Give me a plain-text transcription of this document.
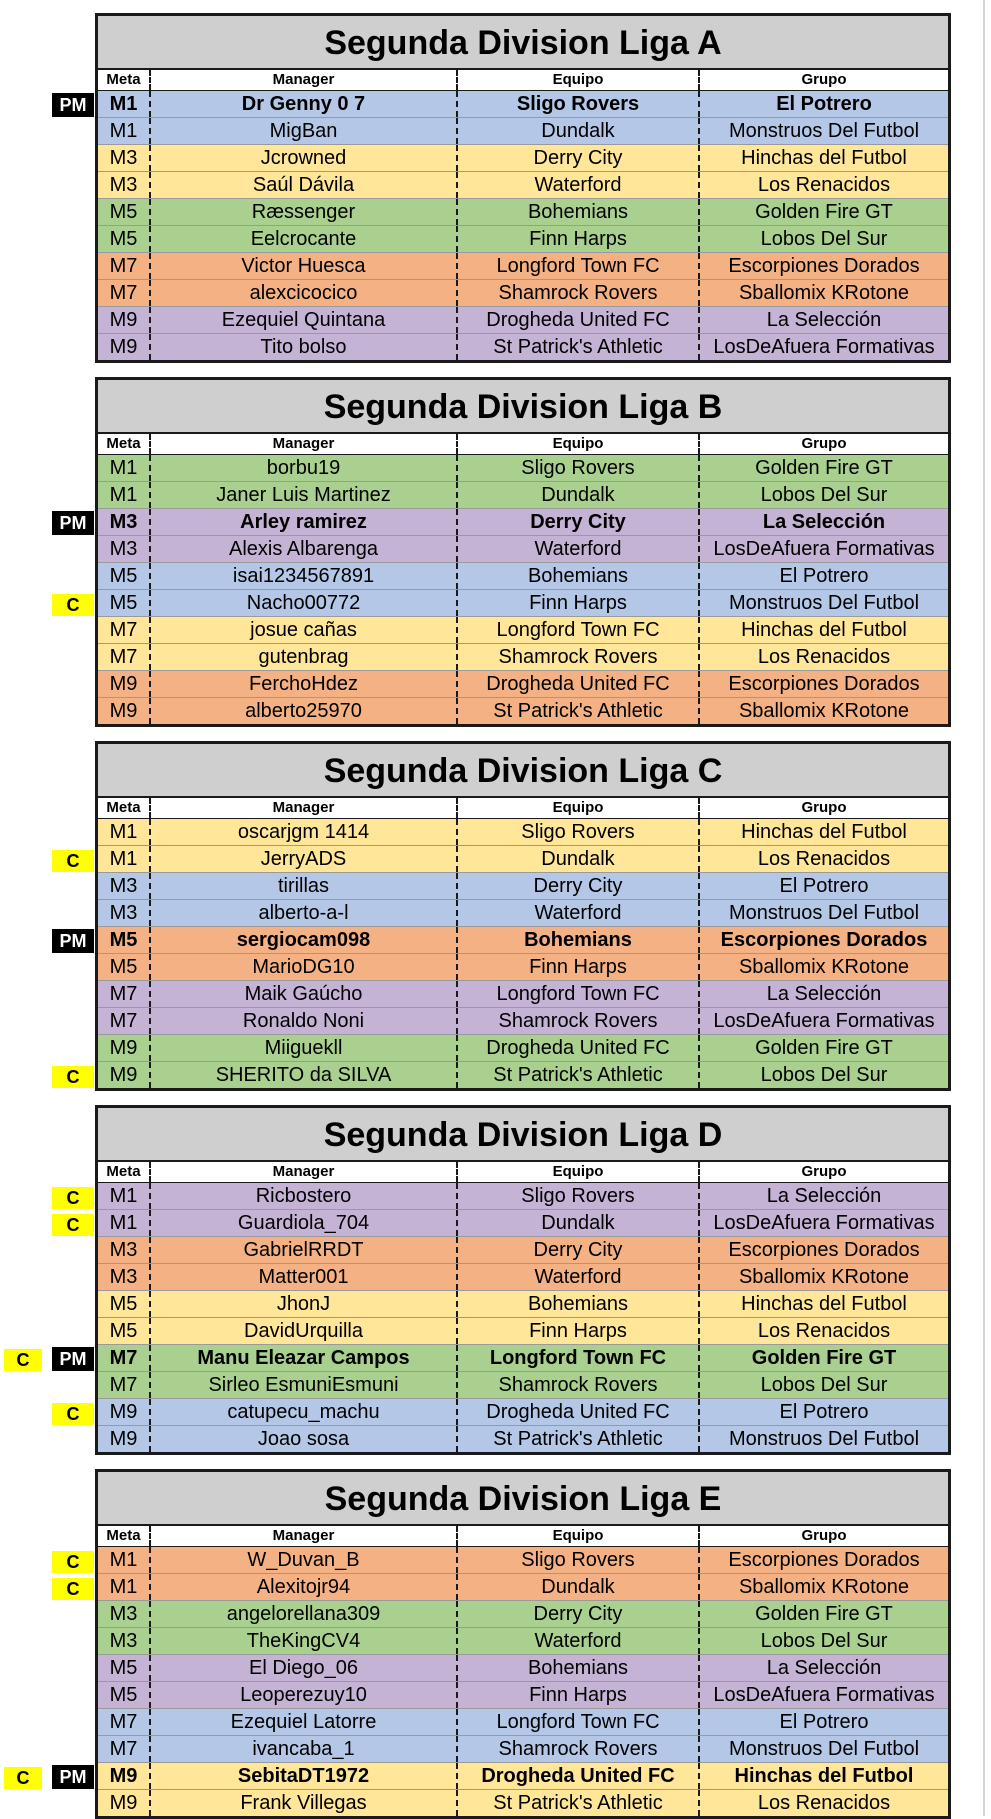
PM
Segunda Division Liga A
Meta	Manager	Equipo	Grupo
M1	Dr Genny 0 7	Sligo Rovers	El Potrero
M1	MigBan	Dundalk	Monstruos Del Futbol
M3	Jcrowned	Derry City	Hinchas del Futbol
M3	Saúl Dávila	Waterford	Los Renacidos
M5	Ræssenger	Bohemians	Golden Fire GT
M5	Eelcrocante	Finn Harps	Lobos Del Sur
M7	Victor Huesca	Longford Town FC	Escorpiones Dorados
M7	alexcicocico	Shamrock Rovers	Sballomix KRotone
M9	Ezequiel Quintana	Drogheda United FC	La Selección
M9	Tito bolso	St Patrick's Athletic	LosDeAfuera Formativas
PM
C
Segunda Division Liga B
Meta	Manager	Equipo	Grupo
M1	borbu19	Sligo Rovers	Golden Fire GT
M1	Janer Luis Martinez	Dundalk	Lobos Del Sur
M3	Arley ramirez	Derry City	La Selección
M3	Alexis Albarenga	Waterford	LosDeAfuera Formativas
M5	isai1234567891	Bohemians	El Potrero
M5	Nacho00772	Finn Harps	Monstruos Del Futbol
M7	josue cañas	Longford Town FC	Hinchas del Futbol
M7	gutenbrag	Shamrock Rovers	Los Renacidos
M9	FerchoHdez	Drogheda United FC	Escorpiones Dorados
M9	alberto25970	St Patrick's Athletic	Sballomix KRotone
C
PM
C
Segunda Division Liga C
Meta	Manager	Equipo	Grupo
M1	oscarjgm 1414	Sligo Rovers	Hinchas del Futbol
M1	JerryADS	Dundalk	Los Renacidos
M3	tirillas	Derry City	El Potrero
M3	alberto-a-l	Waterford	Monstruos Del Futbol
M5	sergiocam098	Bohemians	Escorpiones Dorados
M5	MarioDG10	Finn Harps	Sballomix KRotone
M7	Maik Gaúcho	Longford Town FC	La Selección
M7	Ronaldo Noni	Shamrock Rovers	LosDeAfuera Formativas
M9	Miiguekll	Drogheda United FC	Golden Fire GT
M9	SHERITO da SILVA	St Patrick's Athletic	Lobos Del Sur
C
C
PM
C
C
Segunda Division Liga D
Meta	Manager	Equipo	Grupo
M1	Ricbostero	Sligo Rovers	La Selección
M1	Guardiola_704	Dundalk	LosDeAfuera Formativas
M3	GabrielRRDT	Derry City	Escorpiones Dorados
M3	Matter001	Waterford	Sballomix KRotone
M5	JhonJ	Bohemians	Hinchas del Futbol
M5	DavidUrquilla	Finn Harps	Los Renacidos
M7	Manu Eleazar Campos	Longford Town FC	Golden Fire GT
M7	Sirleo EsmuniEsmuni	Shamrock Rovers	Lobos Del Sur
M9	catupecu_machu	Drogheda United FC	El Potrero
M9	Joao sosa	St Patrick's Athletic	Monstruos Del Futbol
C
C
PM
C
Segunda Division Liga E
Meta	Manager	Equipo	Grupo
M1	W_Duvan_B	Sligo Rovers	Escorpiones Dorados
M1	Alexitojr94	Dundalk	Sballomix KRotone
M3	angelorellana309	Derry City	Golden Fire GT
M3	TheKingCV4	Waterford	Lobos Del Sur
M5	El Diego_06	Bohemians	La Selección
M5	Leoperezuy10	Finn Harps	LosDeAfuera Formativas
M7	Ezequiel Latorre	Longford Town FC	El Potrero
M7	ivancaba_1	Shamrock Rovers	Monstruos Del Futbol
M9	SebitaDT1972	Drogheda United FC	Hinchas del Futbol
M9	Frank Villegas	St Patrick's Athletic	Los Renacidos
